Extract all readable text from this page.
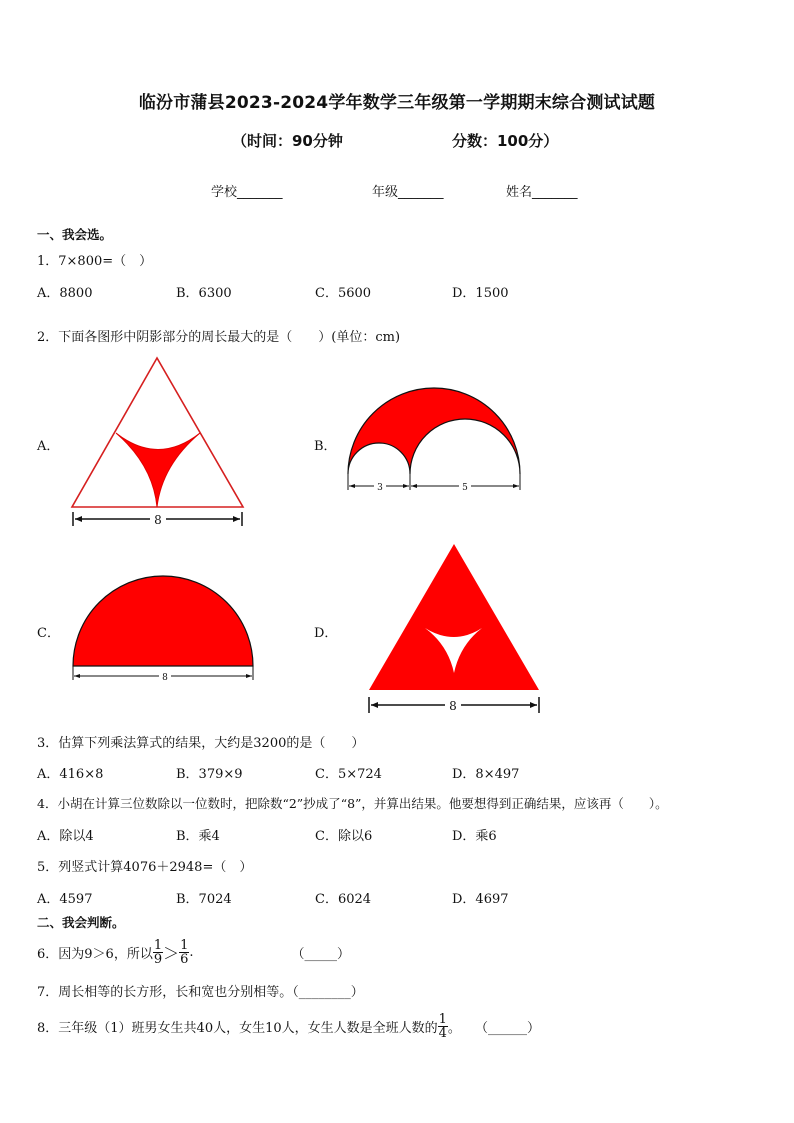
临汾市蒲县2023-2024学年数学三年级第一学期期末综合测试试题
（时间：90分钟	分数：100分）
学校_______	年级_______	姓名_______
一、我会选。
1．7×800=（　）
A．8800	B．6300	C．5600	D．1500
2．下面各图形中阴影部分的周长最大的是（　　）(单位：cm)
A．	B．
C．	D．
8
3	5
8
8
3．估算下列乘法算式的结果，大约是3200的是（　　）
A．416×8	B．379×9	C．5×724	D．8×497
4．小胡在计算三位数除以一位数时，把除数“2”抄成了“8”，并算出结果。他要想得到正确结果，应该再（　　）。
A．除以4	B．乘4	C．除以6	D．乘6
5．列竖式计算4076＋2948=（　）
A．4597	B．7024	C．6024	D．4697
二、我会判断。
6．因为9＞6，所以 $\frac{1}{9} > \frac{1}{6}$ .	（_____）
7．周长相等的长方形，长和宽也分别相等。（________）
8．三年级（1）班男女生共40人，女生10人，女生人数是全班人数的 $\frac{1}{4}$ 。 （______）
